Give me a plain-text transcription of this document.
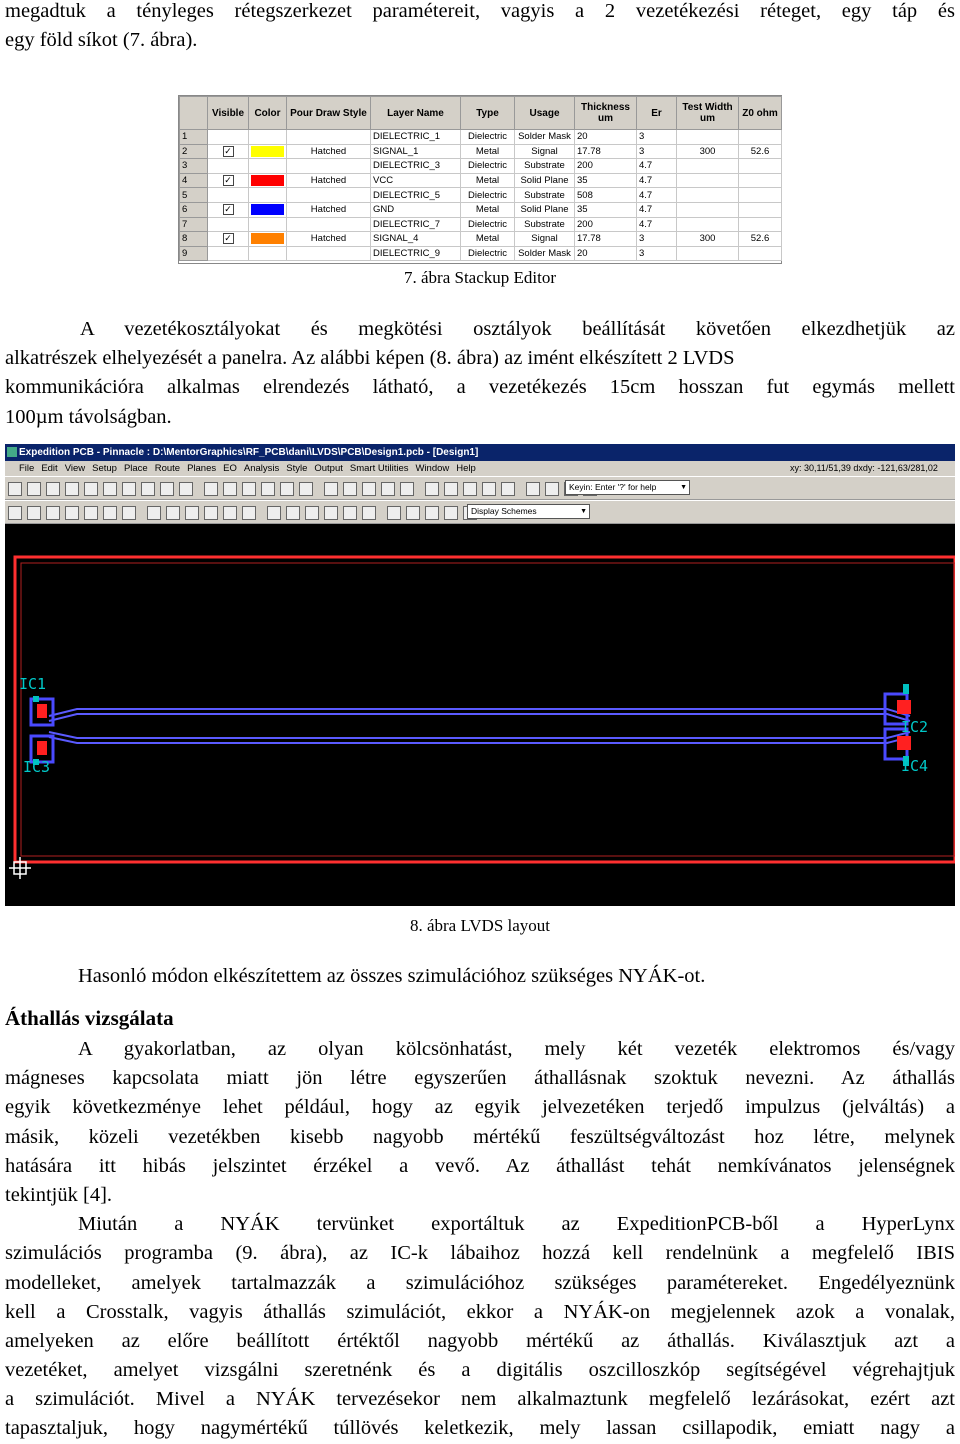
megadtuk a tényleges rétegszerkezet paramétereit, vagyis a 2 vezetékezési réteget, egy táp és
egy föld síkot (7. ábra).
	Visible	Color	Pour Draw Style	Layer Name	Type	Usage	Thickness um	Er	Test Width um	Z0 ohm
1				DIELECTRIC_1	Dielectric	Solder Mask	20	3		
2	✓		Hatched	SIGNAL_1	Metal	Signal	17.78	3	300	52.6
3				DIELECTRIC_3	Dielectric	Substrate	200	4.7		
4	✓		Hatched	VCC	Metal	Solid Plane	35	4.7		
5				DIELECTRIC_5	Dielectric	Substrate	508	4.7		
6	✓		Hatched	GND	Metal	Solid Plane	35	4.7		
7				DIELECTRIC_7	Dielectric	Substrate	200	4.7		
8	✓		Hatched	SIGNAL_4	Metal	Signal	17.78	3	300	52.6
9				DIELECTRIC_9	Dielectric	Solder Mask	20	3		
7. ábra Stackup Editor
A vezetékosztályokat és megkötési osztályok beállítását követően elkezdhetjük az
alkatrészek elhelyezését a panelra. Az alábbi képen (8. ábra) az imént elkészített 2 LVDS
kommunikációra alkalmas elrendezés látható, a vezetékezés 15cm hosszan fut egymás mellett
100µm távolságban.
Expedition PCB - Pinnacle : D:\MentorGraphics\RF_PCB\dani\LVDS\PCB\Design1.pcb - [Design1]
File Edit View Setup Place Route Planes EO Analysis Style Output Smart Utilities Window Help	xy: 30,11/51,39 dxdy: -121,63/281,02
Keyin: Enter '?' for help ▼
Display Schemes ▼
IC1
IC3
IC2
IC4
8. ábra LVDS layout
Hasonló módon elkészítettem az összes szimulációhoz szükséges NYÁK-ot.
Áthallás vizsgálata
A gyakorlatban, az olyan kölcsönhatást, mely két vezeték elektromos és/vagy
mágneses kapcsolata miatt jön létre egyszerűen áthallásnak szoktuk nevezni. Az áthallás
egyik következménye lehet például, hogy az egyik jelvezetéken terjedő impulzus (jelváltás) a
másik, közeli vezetékben kisebb nagyobb mértékű feszültségváltozást hoz létre, melynek
hatására itt hibás jelszintet érzékel a vevő. Az áthallást tehát nemkívánatos jelenségnek
tekintjük [4].
Miután a NYÁK tervünket exportáltuk az ExpeditionPCB-ből a HyperLynx
szimulációs programba (9. ábra), az IC-k lábaihoz hozzá kell rendelnünk a megfelelő IBIS
modelleket, amelyek tartalmazzák a szimulációhoz szükséges paramétereket. Engedélyeznünk
kell a Crosstalk, vagyis áthallás szimulációt, ekkor a NYÁK-on megjelennek azok a vonalak,
amelyeken az előre beállított értéktől nagyobb mértékű az áthallás. Kiválasztjuk azt a
vezetéket, amelyet vizsgálni szeretnénk és a digitális oszcilloszkóp segítségével végrehajtjuk
a szimulációt. Mivel a NYÁK tervezésekor nem alkalmaztunk megfelelő lezárásokat, ezért azt
tapasztaljuk, hogy nagymértékű túllövés keletkezik, mely lassan csillapodik, emiatt nagy a
